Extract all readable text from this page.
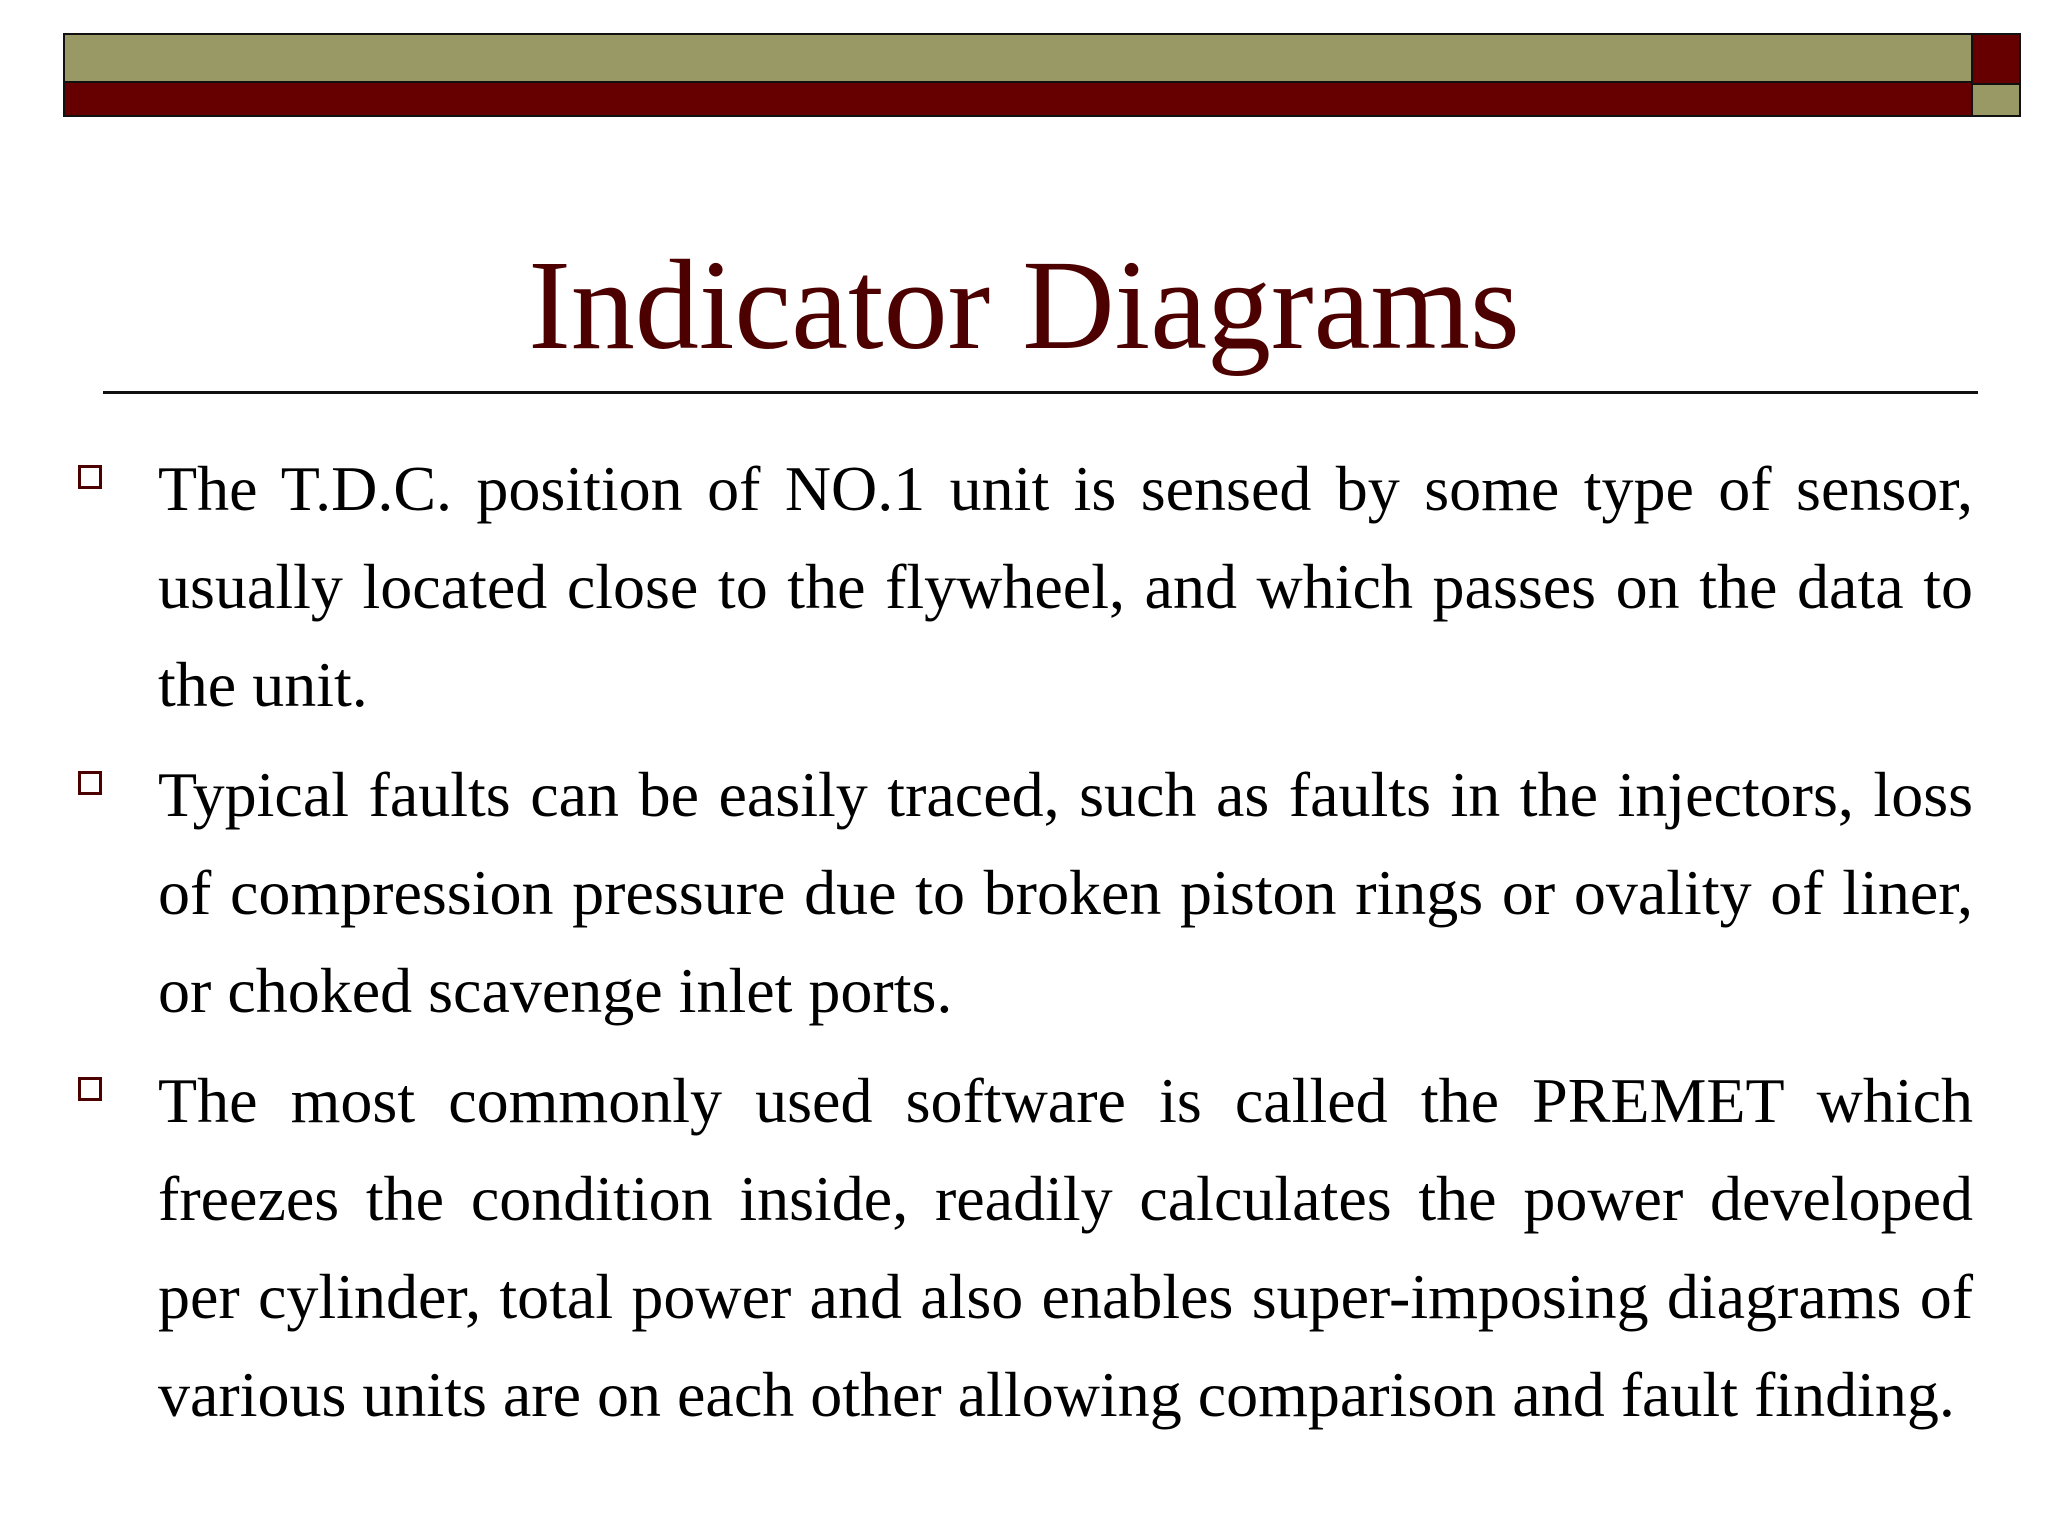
Indicator Diagrams

The T.D.C. position of NO.1 unit is sensed by some type of sensor, usually located close to the flywheel, and which passes on the data to the unit.

Typical faults can be easily traced, such as faults in the injectors, loss of compression pressure due to broken piston rings or ovality of liner, or choked scavenge inlet ports.

The most commonly used software is called the PREMET which freezes the condition inside, readily calculates the power developed per cylinder, total power and also enables super-imposing diagrams of various units are on each other allowing comparison and fault finding.
